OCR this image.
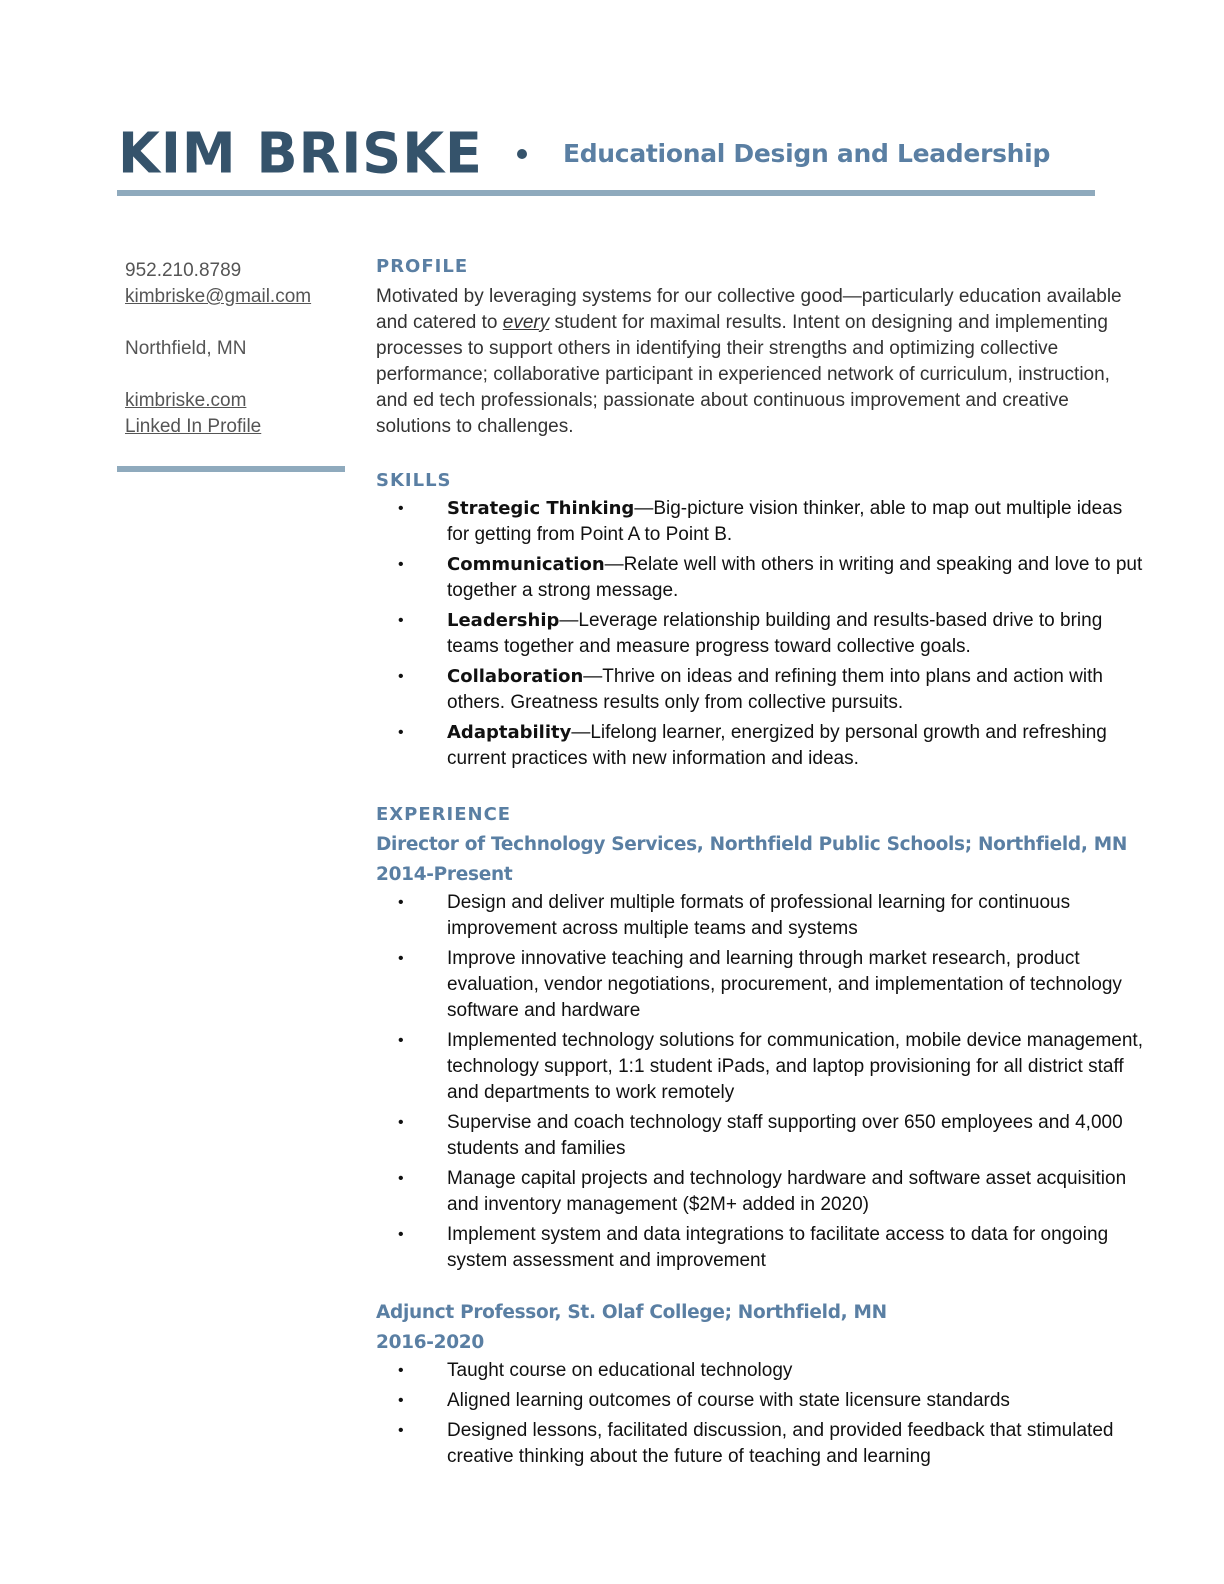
KIM BRISKE	Educational Design and Leadership
952.210.8789
kimbriske@gmail.com
Northfield, MN
kimbriske.com
Linked In Profile
PROFILE
Motivated by leveraging systems for our collective good—particularly education available and catered to every student for maximal results. Intent on designing and implementing processes to support others in identifying their strengths and optimizing collective performance; collaborative participant in experienced network of curriculum, instruction, and ed tech professionals; passionate about continuous improvement and creative solutions to challenges.
SKILLS
• Strategic Thinking—Big-picture vision thinker, able to map out multiple ideas for getting from Point A to Point B.
• Communication—Relate well with others in writing and speaking and love to put together a strong message.
• Leadership—Leverage relationship building and results-based drive to bring teams together and measure progress toward collective goals.
• Collaboration—Thrive on ideas and refining them into plans and action with others. Greatness results only from collective pursuits.
• Adaptability—Lifelong learner, energized by personal growth and refreshing current practices with new information and ideas.
EXPERIENCE
Director of Technology Services, Northfield Public Schools; Northfield, MN
2014-Present
• Design and deliver multiple formats of professional learning for continuous improvement across multiple teams and systems
• Improve innovative teaching and learning through market research, product evaluation, vendor negotiations, procurement, and implementation of technology software and hardware
• Implemented technology solutions for communication, mobile device management, technology support, 1:1 student iPads, and laptop provisioning for all district staff and departments to work remotely
• Supervise and coach technology staff supporting over 650 employees and 4,000 students and families
• Manage capital projects and technology hardware and software asset acquisition and inventory management ($2M+ added in 2020)
• Implement system and data integrations to facilitate access to data for ongoing system assessment and improvement
Adjunct Professor, St. Olaf College; Northfield, MN
2016-2020
• Taught course on educational technology
• Aligned learning outcomes of course with state licensure standards
• Designed lessons, facilitated discussion, and provided feedback that stimulated creative thinking about the future of teaching and learning
